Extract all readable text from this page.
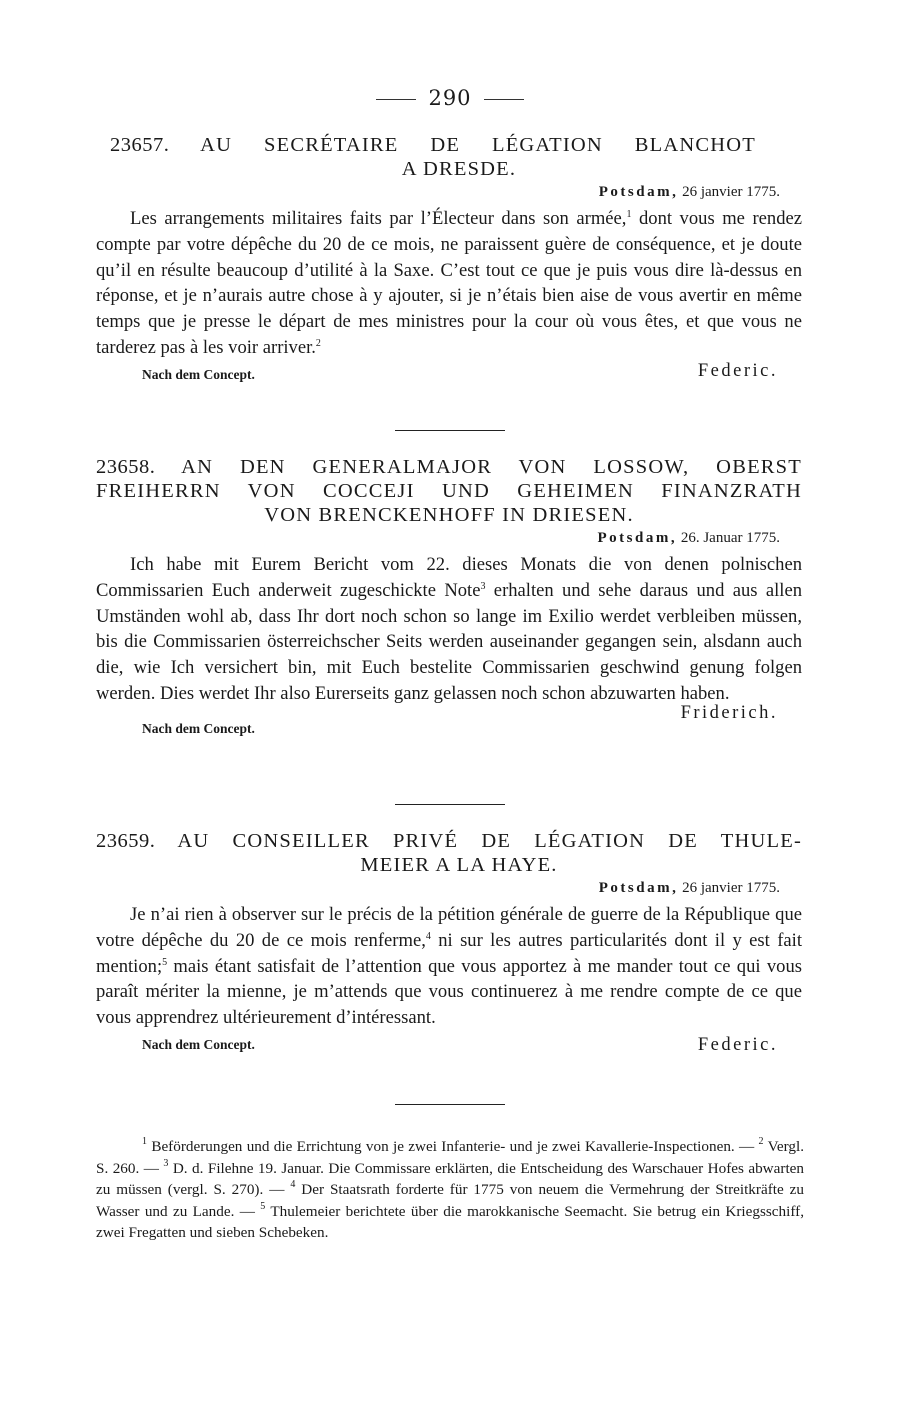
290
23657. AU SECRÉTAIRE DE LÉGATION BLANCHOT
A DRESDE.
Potsdam, 26 janvier 1775.

Les arrangements militaires faits par l’Électeur dans son armée,$^1$ dont vous me rendez compte par votre dépêche du 20 de ce mois, ne paraissent guère de conséquence, et je doute qu’il en résulte beaucoup d’utilité à la Saxe. C’est tout ce que je puis vous dire là-dessus en réponse, et je n’aurais autre chose à y ajouter, si je n’étais bien aise de vous avertir en même temps que je presse le départ de mes ministres pour la cour où vous êtes, et que vous ne tarderez pas à les voir arriver.$^2$

Nach dem Concept.	Federic.
23658. AN DEN GENERALMAJOR VON LOSSOW, OBERST
FREIHERRN VON COCCEJI UND GEHEIMEN FINANZRATH
VON BRENCKENHOFF IN DRIESEN.
Potsdam, 26. Januar 1775.

Ich habe mit Eurem Bericht vom 22. dieses Monats die von denen polnischen Commissarien Euch anderweit zugeschickte Note$^3$ erhalten und sehe daraus und aus allen Umständen wohl ab, dass Ihr dort noch schon so lange im Exilio werdet verbleiben müssen, bis die Commissarien österreichscher Seits werden auseinander gegangen sein, alsdann auch die, wie Ich versichert bin, mit Euch bestelite Commissarien geschwind genung folgen werden. Dies werdet Ihr also Eurerseits ganz gelassen noch schon abzuwarten haben.

Nach dem Concept.
Friderich.
23659. AU CONSEILLER PRIVÉ DE LÉGATION DE THULE-
MEIER A LA HAYE.
Potsdam, 26 janvier 1775.

Je n’ai rien à observer sur le précis de la pétition générale de guerre de la République que votre dépêche du 20 de ce mois renferme,$^4$ ni sur les autres particularités dont il y est fait mention;$^5$ mais étant satisfait de l’attention que vous apportez à me mander tout ce qui vous paraît mériter la mienne, je m’attends que vous continuerez à me rendre compte de ce que vous apprendrez ultérieurement d’intéressant.

Nach dem Concept.	Federic.

$^1$ Beförderungen und die Errichtung von je zwei Infanterie- und je zwei Kavallerie-Inspectionen. — $^2$ Vergl. S. 260. — $^3$ D. d. Filehne 19. Januar. Die Commissare erklärten, die Entscheidung des Warschauer Hofes abwarten zu müssen (vergl. S. 270). — $^4$ Der Staatsrath forderte für 1775 von neuem die Vermehrung der Streitkräfte zu Wasser und zu Lande. — $^5$ Thulemeier berichtete über die marokkanische Seemacht. Sie betrug ein Kriegsschiff, zwei Fregatten und sieben Schebeken.
